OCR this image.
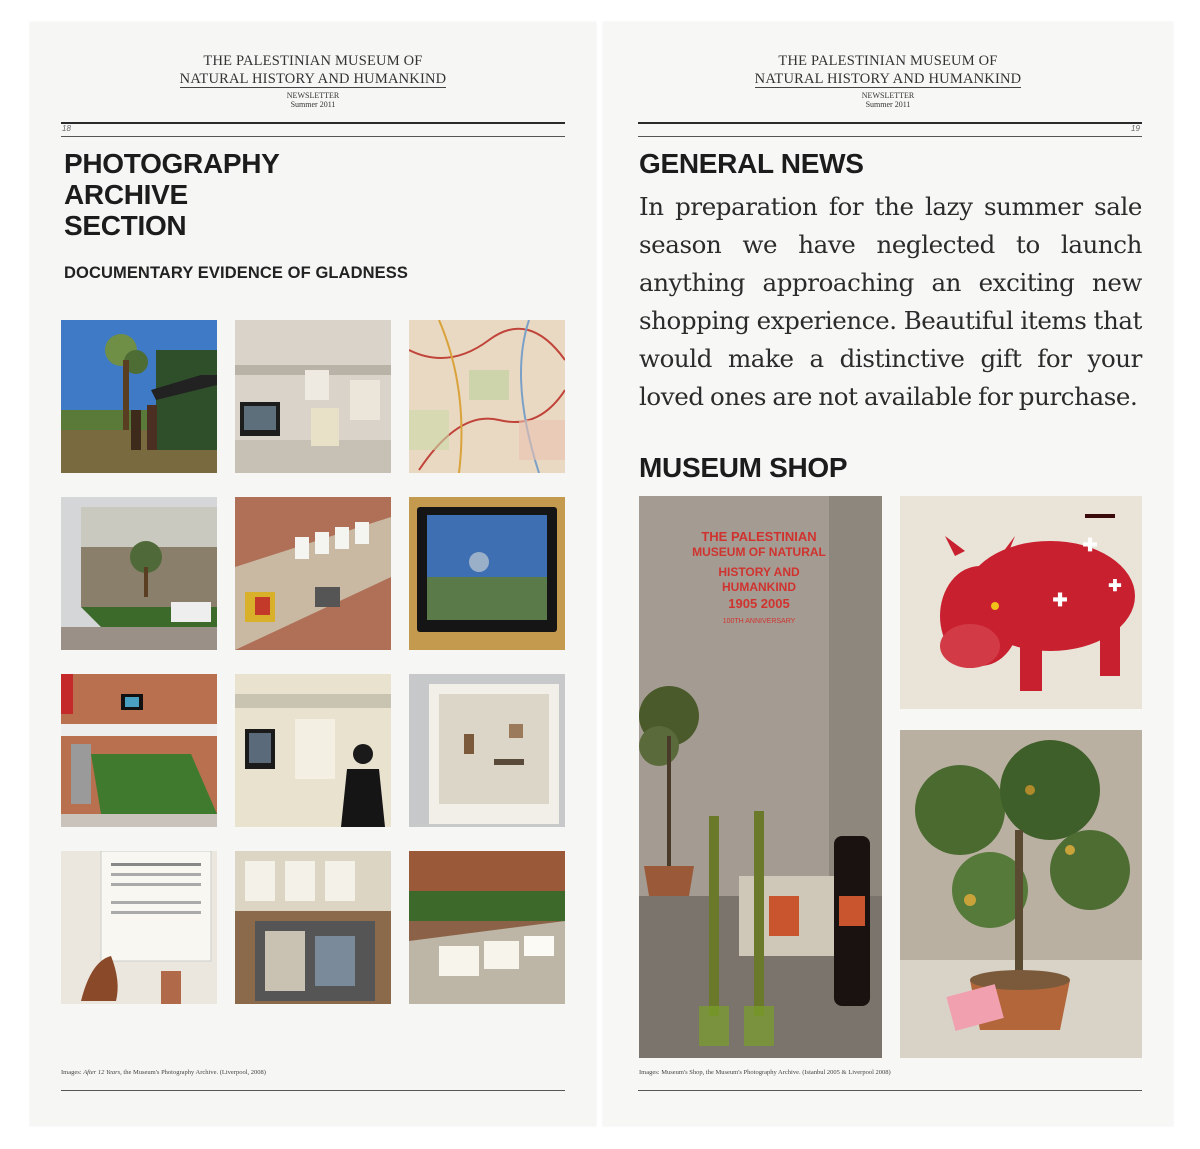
THE PALESTINIAN MUSEUM OF
NATURAL HISTORY AND HUMANKIND
NEWSLETTER
Summer 2011
18
PHOTOGRAPHY
ARCHIVE
SECTION
DOCUMENTARY EVIDENCE OF GLADNESS
Images: After 12 Years, the Museum's Photography Archive. (Liverpool, 2008)
THE PALESTINIAN MUSEUM OF
NATURAL HISTORY AND HUMANKIND
NEWSLETTER
Summer 2011
19
GENERAL NEWS
In preparation for the lazy summer sale season we have neglected to launch anything approaching an exciting new shopping experience. Beautiful items that would make a distinctive gift for your loved ones are not available for purchase.
MUSEUM SHOP
THE PALESTINIAN
MUSEUM OF NATURAL
HISTORY AND
HUMANKIND
1905 2005
100TH ANNIVERSARY
✚
✚
✚
Images: Museum's Shop, the Museum's Photography Archive. (Istanbul 2005 & Liverpool 2008)
